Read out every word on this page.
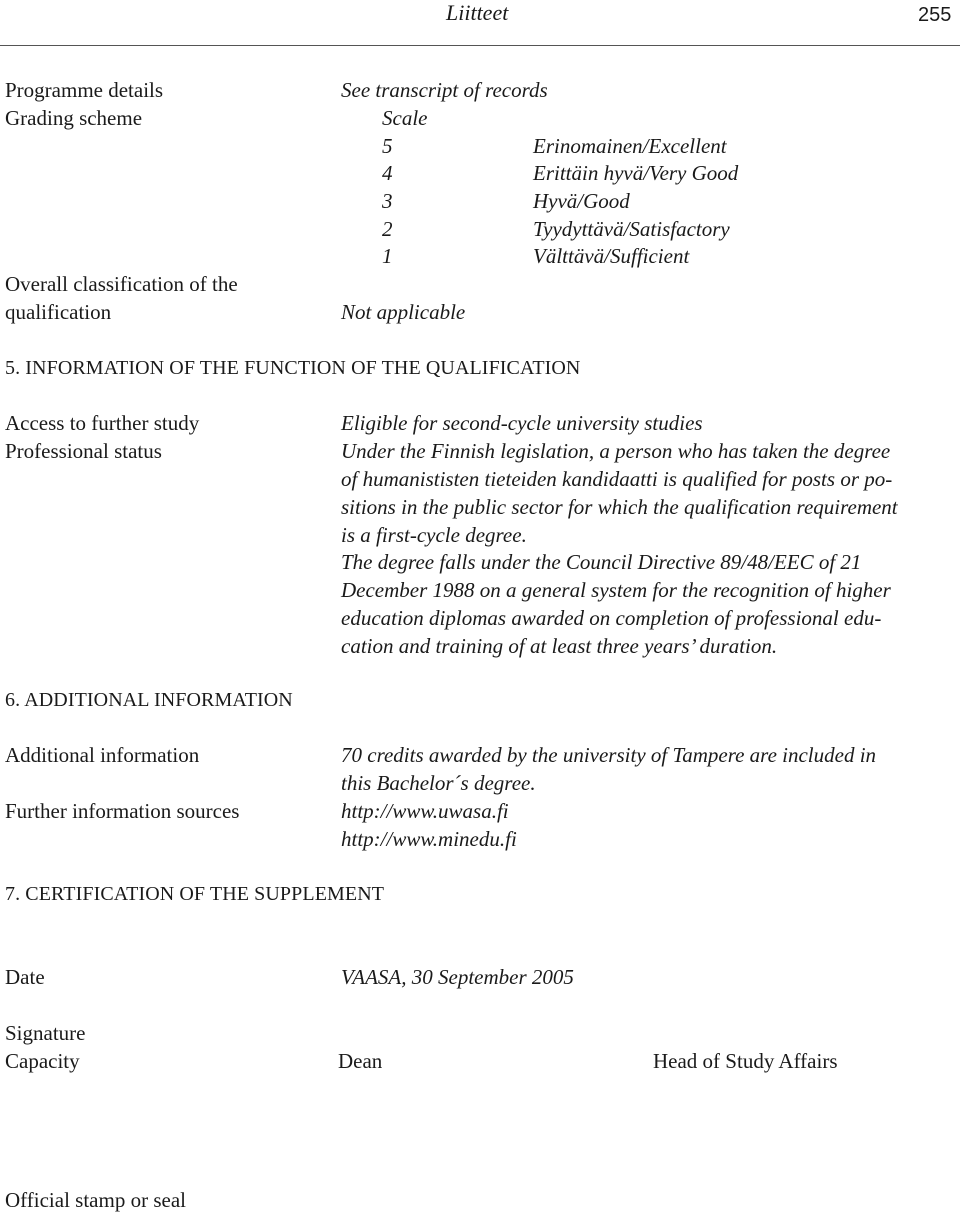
Liitteet	255
Programme details	See transcript of records
Grading scheme	Scale
5	Erinomainen/Excellent
4	Erittäin hyvä/Very Good
3	Hyvä/Good
2	Tyydyttävä/Satisfactory
1	Välttävä/Sufficient
Overall classification of the
qualification	Not applicable
5. INFORMATION OF THE FUNCTION OF THE QUALIFICATION
Access to further study	Eligible for second-cycle university studies
Professional status	Under the Finnish legislation, a person who has taken the degree
of humanististen tieteiden kandidaatti is qualified for posts or po-
sitions in the public sector for which the qualification requirement
is a first-cycle degree.
The degree falls under the Council Directive 89/48/EEC of 21
December 1988 on a general system for the recognition of higher
education diplomas awarded on completion of professional edu-
cation and training of at least three years’ duration.
6. ADDITIONAL INFORMATION
Additional information	70 credits awarded by the university of Tampere are included in
this Bachelor´s degree.
Further information sources	http://www.uwasa.fi
http://www.minedu.fi
7. CERTIFICATION OF THE SUPPLEMENT
Date	VAASA, 30 September 2005
Signature
Capacity	Dean	Head of Study Affairs
Official stamp or seal
